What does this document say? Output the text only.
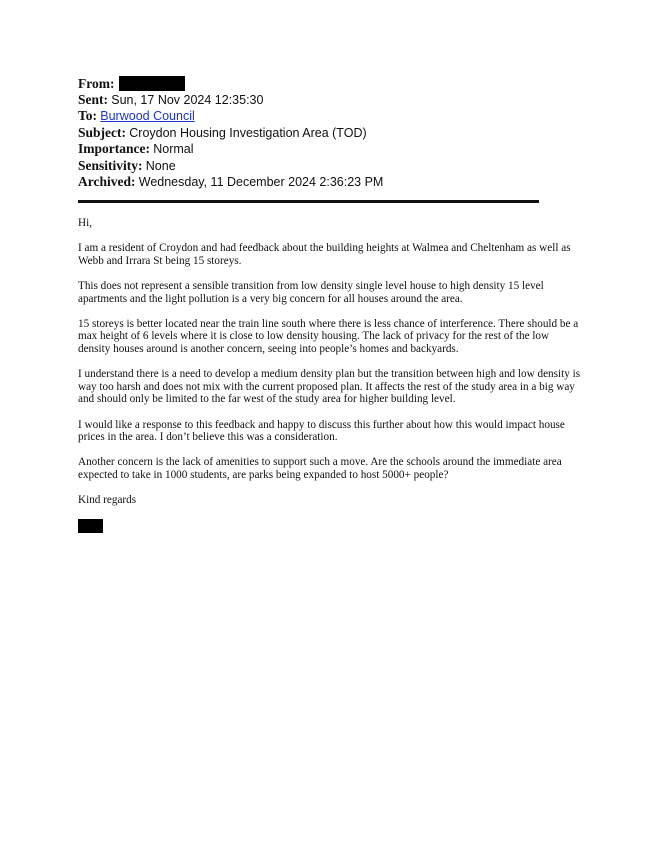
From:
Sent: Sun, 17 Nov 2024 12:35:30
To: Burwood Council
Subject: Croydon Housing Investigation Area (TOD)
Importance: Normal
Sensitivity: None
Archived: Wednesday, 11 December 2024 2:36:23 PM

Hi,

I am a resident of Croydon and had feedback about the building heights at Walmea and Cheltenham as well as Webb and Irrara St being 15 storeys.

This does not represent a sensible transition from low density single level house to high density 15 level apartments and the light pollution is a very big concern for all houses around the area.

15 storeys is better located near the train line south where there is less chance of interference. There should be a max height of 6 levels where it is close to low density housing. The lack of privacy for the rest of the low density houses around is another concern, seeing into people’s homes and backyards.

I understand there is a need to develop a medium density plan but the transition between high and low density is way too harsh and does not mix with the current proposed plan. It affects the rest of the study area in a big way and should only be limited to the far west of the study area for higher building level.

I would like a response to this feedback and happy to discuss this further about how this would impact house prices in the area. I don’t believe this was a consideration.

Another concern is the lack of amenities to support such a move. Are the schools around the immediate area expected to take in 1000 students, are parks being expanded to host 5000+ people?

Kind regards
